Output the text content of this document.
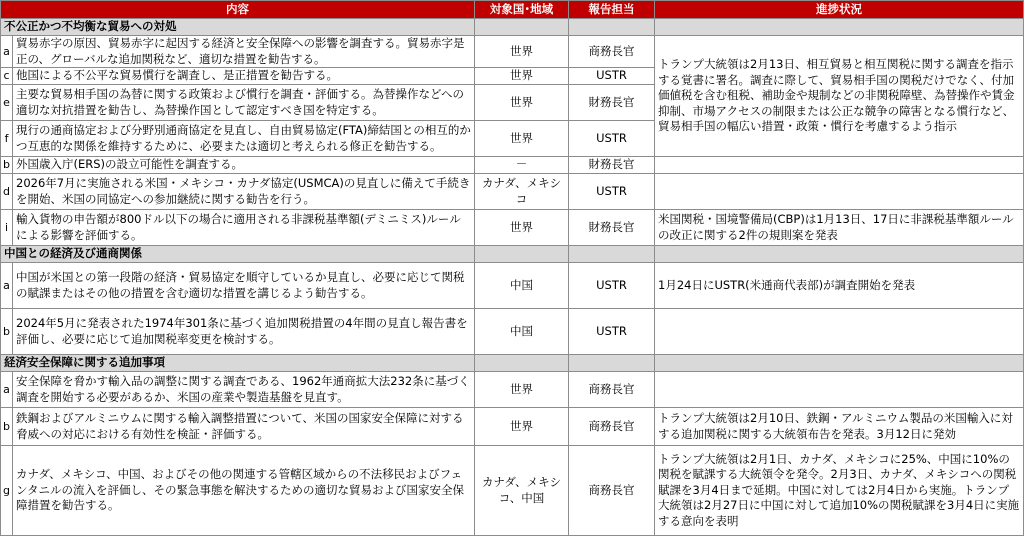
内容		対象国･地域	報告担当	進捗状況
不公正かつ不均衡な貿易への対処				
a	貿易赤字の原因、貿易赤字に起因する経済と安全保障への影響を調査する。貿易赤字是正の、グローバルな追加関税など、適切な措置を勧告する。	世界	商務長官	トランプ大統領は2月13日、相互貿易と相互関税に関する調査を指示する覚書に署名。調査に際して、貿易相手国の関税だけでなく、付加価値税を含む租税、補助金や規制などの非関税障壁、為替操作や賃金抑制、市場アクセスの制限または公正な競争の障害となる慣行など、貿易相手国の幅広い措置・政策・慣行を考慮するよう指示
c	他国による不公平な貿易慣行を調査し、是正措置を勧告する。	世界	USTR	
e	主要な貿易相手国の為替に関する政策および慣行を調査・評価する。為替操作などへの適切な対抗措置を勧告し、為替操作国として認定すべき国を特定する。	世界	財務長官	
f	現行の通商協定および分野別通商協定を見直し、自由貿易協定(FTA)締結国との相互的かつ互恵的な関係を維持するために、必要または適切と考えられる修正を勧告する。	世界	USTR	
b	外国歳入庁(ERS)の設立可能性を調査する。	－	財務長官	
d	2026年7月に実施される米国・メキシコ・カナダ協定(USMCA)の見直しに備えて手続きを開始、米国の同協定への参加継続に関する勧告を行う。	カナダ、メキシコ	USTR	
i	輸入貨物の申告額が800ドル以下の場合に適用される非課税基準額(デミニミス)ルールによる影響を評価する。	世界	財務長官	米国関税・国境警備局(CBP)は1月13日、17日に非課税基準額ルールの改正に関する2件の規則案を発表
中国との経済及び通商関係				
a	中国が米国との第一段階の経済・貿易協定を順守しているか見直し、必要に応じて関税の賦課またはその他の措置を含む適切な措置を講じるよう勧告する。	中国	USTR	1月24日にUSTR(米通商代表部)が調査開始を発表
b	2024年5月に発表された1974年301条に基づく追加関税措置の4年間の見直し報告書を評価し、必要に応じて追加関税率変更を検討する。	中国	USTR	
経済安全保障に関する追加事項				
a	安全保障を脅かす輸入品の調整に関する調査である、1962年通商拡大法232条に基づく調査を開始する必要があるか、米国の産業や製造基盤を見直す。	世界	商務長官	
b	鉄鋼およびアルミニウムに関する輸入調整措置について、米国の国家安全保障に対する脅威への対応における有効性を検証・評価する。	世界	商務長官	トランプ大統領は2月10日、鉄鋼・アルミニウム製品の米国輸入に対する追加関税に関する大統領布告を発表。3月12日に発効
g	カナダ、メキシコ、中国、およびその他の関連する管轄区域からの不法移民およびフェンタニルの流入を評価し、その緊急事態を解決するための適切な貿易および国家安全保障措置を勧告する。	カナダ、メキシコ、中国	商務長官	トランプ大統領は2月1日、カナダ、メキシコに25%、中国に10%の関税を賦課する大統領令を発令。2月3日、カナダ、メキシコへの関税賦課を3月4日まで延期。中国に対しては2月4日から実施。トランプ大統領は2月27日に中国に対して追加10%の関税賦課を3月4日に実施する意向を表明
